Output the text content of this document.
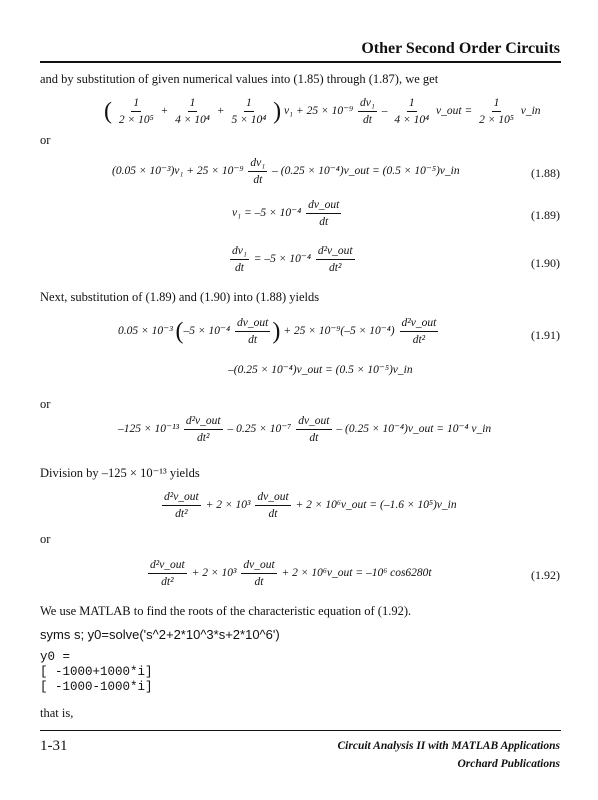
Other Second Order Circuits
and by substitution of given numerical values into (1.85) through (1.87), we get
( $\frac{1}{\text{2 × 10⁵}} + \frac{1}{\text{4 × 10⁴}} + \frac{1}{\text{5 × 10⁴}}$ ) $v_1 + 25 \times 10^{-9} \frac{\text{dv₁}}{dt} - \frac{1}{\text{4 × 10⁴}}$ v_out = $\frac{1}{\text{2 × 10⁵}}$ v_in
or
$(0.05 \times 10^{-3})v_1 + 25 \times 10^{-9} \frac{\text{dv₁}}{dt} - (0.25$ × 10⁻⁴)v_out = (0.5 × 10⁻⁵)v_in	(1.88)
$v_1 = -5 \times 10^{-4} \frac{\text{dv\_out}}{dt}$	(1.89)
$\frac{\text{dv₁}}{dt} = -5 \times 10^{-4} \frac{\text{d²v\_out}}{\text{dt²}}$	(1.90)
Next, substitution of (1.89) and (1.90) into (1.88) yields
0.05 × 10⁻³ ($-5 \times 10^{-4} \frac{\text{dv\_out}}{dt}$ ) + $25 \times 10^{-9}(-5 \times 10^{-4}) \frac{\text{d²v\_out}}{\text{dt²}}$	(1.91)
–(0.25 × 10⁻⁴)v_out = (0.5 × 10⁻⁵)v_in
or
$-125 \times 10^{-13} \frac{\text{d²v\_out}}{\text{dt²}} - 0.25 \times 10^{-7} \frac{\text{dv\_out}}{dt} - (0.25$ × 10⁻⁴)v_out = 10⁻⁴ v_in
Division by –125 × 10⁻¹³ yields
$\frac{\text{d²v\_out}}{\text{dt²}} + 2 \times 10^3 \frac{\text{dv\_out}}{dt} + 2$ × 10⁶v_out = (–1.6 × 10⁵)v_in
or
$\frac{\text{d²v\_out}}{\text{dt²}} + 2 \times 10^3 \frac{\text{dv\_out}}{dt} + 2$ × 10⁶v_out = –10⁶ cos6280t	(1.92)
We use MATLAB to find the roots of the characteristic equation of (1.92).
syms s; y0=solve('s^2+2*10^3*s+2*10^6')
y0 =
[ -1000+1000*i]
[ -1000-1000*i]
that is,
1-31	Circuit Analysis II with MATLAB Applications
Orchard Publications
